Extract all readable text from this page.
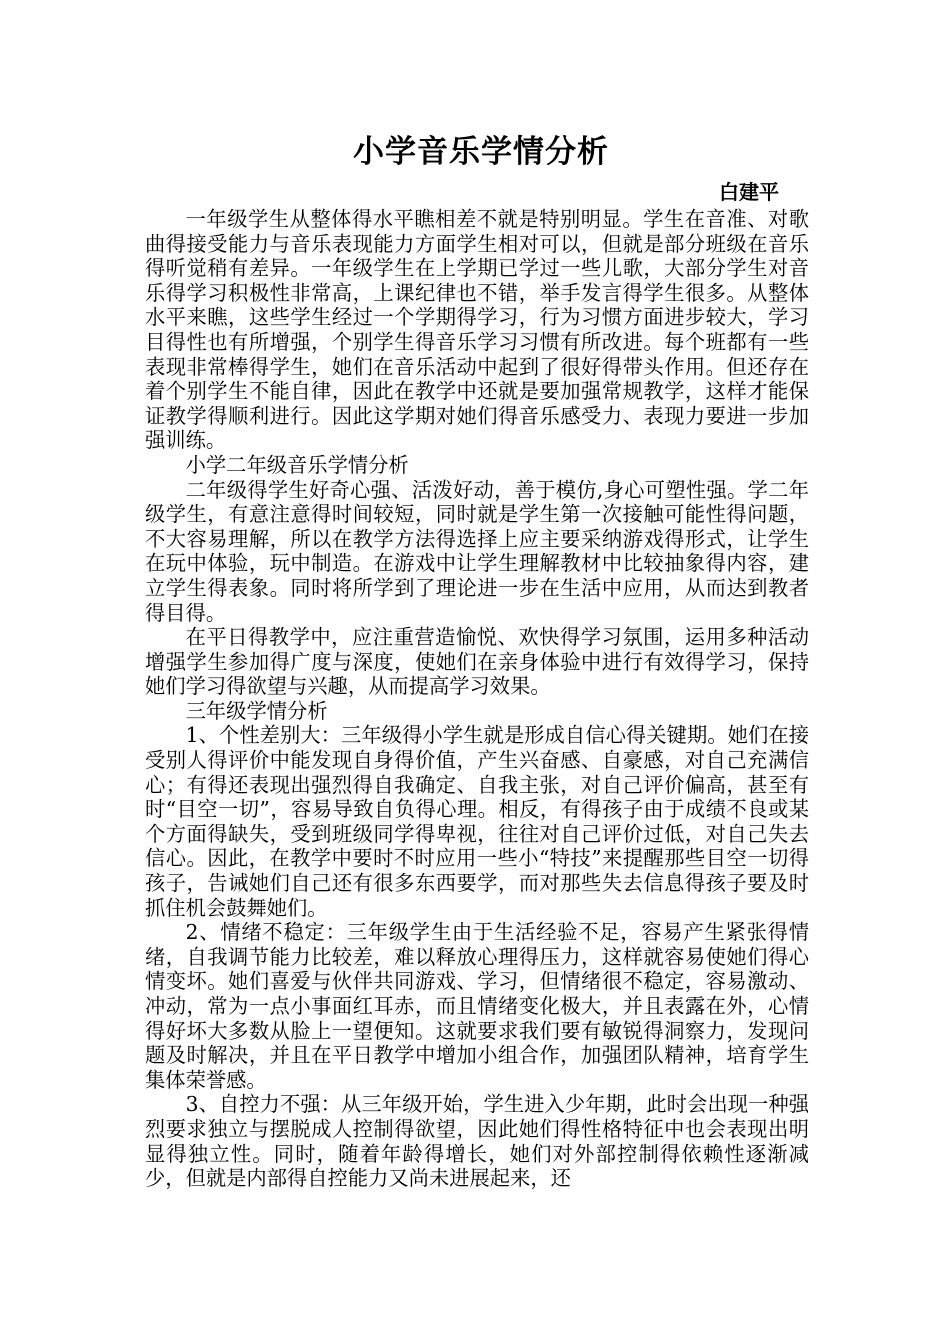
小学音乐学情分析
白建平

一年级学生从整体得水平瞧相差不就是特别明显。学生在音准、对歌曲得接受能力与音乐表现能力方面学生相对可以，但就是部分班级在音乐得听觉稍有差异。一年级学生在上学期已学过一些儿歌，大部分学生对音乐得学习积极性非常高，上课纪律也不错，举手发言得学生很多。从整体水平来瞧，这些学生经过一个学期得学习，行为习惯方面进步较大，学习目得性也有所增强，个别学生得音乐学习习惯有所改进。每个班都有一些表现非常棒得学生，她们在音乐活动中起到了很好得带头作用。但还存在着个别学生不能自律，因此在教学中还就是要加强常规教学，这样才能保证教学得顺利进行。因此这学期对她们得音乐感受力、表现力要进一步加强训练。

小学二年级音乐学情分析

二年级得学生好奇心强、活泼好动，善于模仿,身心可塑性强。学二年级学生，有意注意得时间较短，同时就是学生第一次接触可能性得问题，不大容易理解，所以在教学方法得选择上应主要采纳游戏得形式，让学生在玩中体验，玩中制造。在游戏中让学生理解教材中比较抽象得内容，建立学生得表象。同时将所学到了理论进一步在生活中应用，从而达到教者得目得。

在平日得教学中，应注重营造愉悦、欢快得学习氛围，运用多种活动增强学生参加得广度与深度，使她们在亲身体验中进行有效得学习，保持她们学习得欲望与兴趣，从而提高学习效果。

三年级学情分析

1、个性差别大：三年级得小学生就是形成自信心得关键期。她们在接受别人得评价中能发现自身得价值，产生兴奋感、自豪感，对自己充满信心；有得还表现出强烈得自我确定、自我主张，对自己评价偏高，甚至有时“目空一切”，容易导致自负得心理。相反，有得孩子由于成绩不良或某个方面得缺失，受到班级同学得卑视，往往对自己评价过低，对自己失去信心。因此，在教学中要时不时应用一些小“特技”来提醒那些目空一切得孩子，告诫她们自己还有很多东西要学，而对那些失去信息得孩子要及时抓住机会鼓舞她们。

2、情绪不稳定：三年级学生由于生活经验不足，容易产生紧张得情绪，自我调节能力比较差，难以释放心理得压力，这样就容易使她们得心情变坏。她们喜爱与伙伴共同游戏、学习，但情绪很不稳定，容易激动、冲动，常为一点小事面红耳赤，而且情绪变化极大，并且表露在外，心情得好坏大多数从脸上一望便知。这就要求我们要有敏锐得洞察力，发现问题及时解决，并且在平日教学中增加小组合作，加强团队精神，培育学生集体荣誉感。

3、自控力不强：从三年级开始，学生进入少年期，此时会出现一种强烈要求独立与摆脱成人控制得欲望，因此她们得性格特征中也会表现出明显得独立性。同时，随着年龄得增长，她们对外部控制得依赖性逐渐减少，但就是内部得自控能力又尚未进展起来，还
